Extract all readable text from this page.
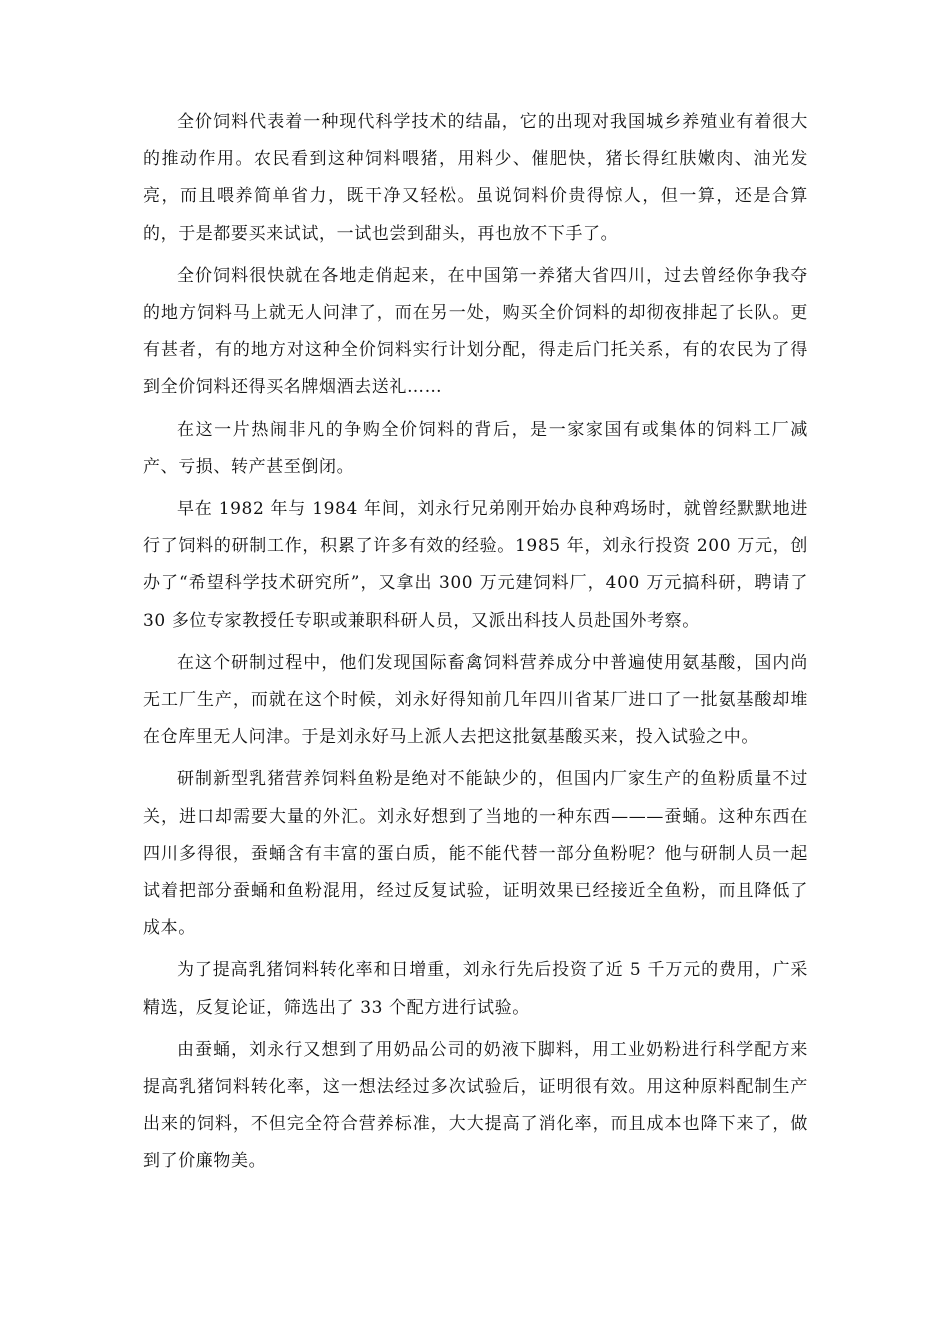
全价饲料代表着一种现代科学技术的结晶，它的出现对我国城乡养殖业有着很大的推动作用。农民看到这种饲料喂猪，用料少、催肥快，猪长得红肤嫩肉、油光发亮，而且喂养简单省力，既干净又轻松。虽说饲料价贵得惊人，但一算，还是合算的，于是都要买来试试，一试也尝到甜头，再也放不下手了。

全价饲料很快就在各地走俏起来，在中国第一养猪大省四川，过去曾经你争我夺的地方饲料马上就无人问津了，而在另一处，购买全价饲料的却彻夜排起了长队。更有甚者，有的地方对这种全价饲料实行计划分配，得走后门托关系，有的农民为了得到全价饲料还得买名牌烟酒去送礼……

在这一片热闹非凡的争购全价饲料的背后，是一家家国有或集体的饲料工厂减产、亏损、转产甚至倒闭。

早在 1982 年与 1984 年间，刘永行兄弟刚开始办良种鸡场时，就曾经默默地进行了饲料的研制工作，积累了许多有效的经验。1985 年，刘永行投资 200 万元，创办了“希望科学技术研究所”，又拿出 300 万元建饲料厂，400 万元搞科研，聘请了 30 多位专家教授任专职或兼职科研人员，又派出科技人员赴国外考察。

在这个研制过程中，他们发现国际畜禽饲料营养成分中普遍使用氨基酸，国内尚无工厂生产，而就在这个时候，刘永好得知前几年四川省某厂进口了一批氨基酸却堆在仓库里无人问津。于是刘永好马上派人去把这批氨基酸买来，投入试验之中。

研制新型乳猪营养饲料鱼粉是绝对不能缺少的，但国内厂家生产的鱼粉质量不过关，进口却需要大量的外汇。刘永好想到了当地的一种东西———蚕蛹。这种东西在四川多得很，蚕蛹含有丰富的蛋白质，能不能代替一部分鱼粉呢？他与研制人员一起试着把部分蚕蛹和鱼粉混用，经过反复试验，证明效果已经接近全鱼粉，而且降低了成本。

为了提高乳猪饲料转化率和日增重，刘永行先后投资了近 5 千万元的费用，广采精选，反复论证，筛选出了 33 个配方进行试验。

由蚕蛹，刘永行又想到了用奶品公司的奶液下脚料，用工业奶粉进行科学配方来提高乳猪饲料转化率，这一想法经过多次试验后，证明很有效。用这种原料配制生产出来的饲料，不但完全符合营养标准，大大提高了消化率，而且成本也降下来了，做到了价廉物美。
